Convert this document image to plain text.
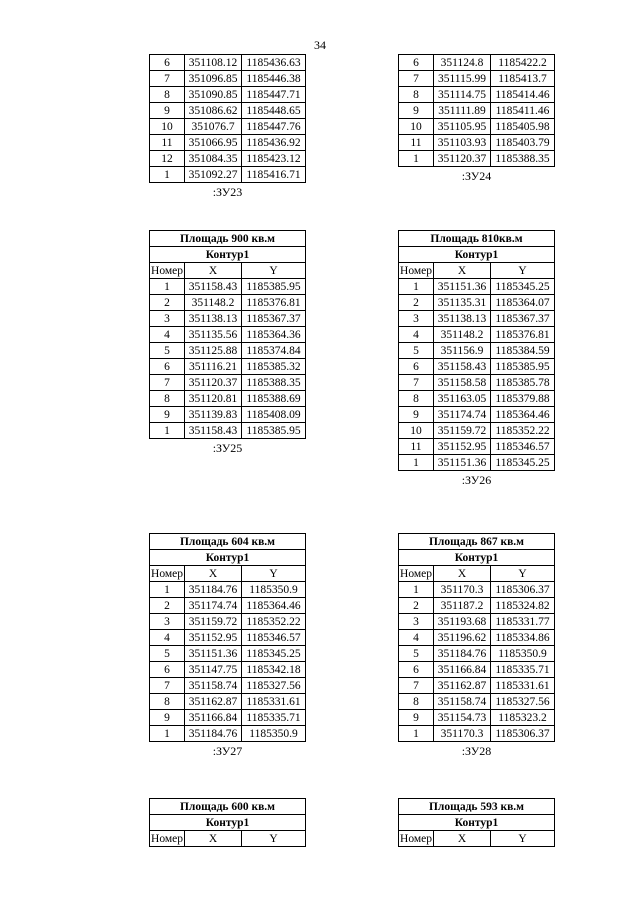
34
6	351108.12	1185436.63
7	351096.85	1185446.38
8	351090.85	1185447.71
9	351086.62	1185448.65
10	351076.7	1185447.76
11	351066.95	1185436.92
12	351084.35	1185423.12
1	351092.27	1185416.71
:ЗУ23
6	351124.8	1185422.2
7	351115.99	1185413.7
8	351114.75	1185414.46
9	351111.89	1185411.46
10	351105.95	1185405.98
11	351103.93	1185403.79
1	351120.37	1185388.35
:ЗУ24
Площадь 900 кв.м		
Контур1		
Номер	X	Y
1	351158.43	1185385.95
2	351148.2	1185376.81
3	351138.13	1185367.37
4	351135.56	1185364.36
5	351125.88	1185374.84
6	351116.21	1185385.32
7	351120.37	1185388.35
8	351120.81	1185388.69
9	351139.83	1185408.09
1	351158.43	1185385.95
:ЗУ25
Площадь 810кв.м		
Контур1		
Номер	X	Y
1	351151.36	1185345.25
2	351135.31	1185364.07
3	351138.13	1185367.37
4	351148.2	1185376.81
5	351156.9	1185384.59
6	351158.43	1185385.95
7	351158.58	1185385.78
8	351163.05	1185379.88
9	351174.74	1185364.46
10	351159.72	1185352.22
11	351152.95	1185346.57
1	351151.36	1185345.25
:ЗУ26
Площадь 604 кв.м		
Контур1		
Номер	X	Y
1	351184.76	1185350.9
2	351174.74	1185364.46
3	351159.72	1185352.22
4	351152.95	1185346.57
5	351151.36	1185345.25
6	351147.75	1185342.18
7	351158.74	1185327.56
8	351162.87	1185331.61
9	351166.84	1185335.71
1	351184.76	1185350.9
:ЗУ27
Площадь 867 кв.м		
Контур1		
Номер	X	Y
1	351170.3	1185306.37
2	351187.2	1185324.82
3	351193.68	1185331.77
4	351196.62	1185334.86
5	351184.76	1185350.9
6	351166.84	1185335.71
7	351162.87	1185331.61
8	351158.74	1185327.56
9	351154.73	1185323.2
1	351170.3	1185306.37
:ЗУ28
Площадь 600 кв.м
Контур1
Номер	X	Y
Площадь 593 кв.м
Контур1
Номер	X	Y
